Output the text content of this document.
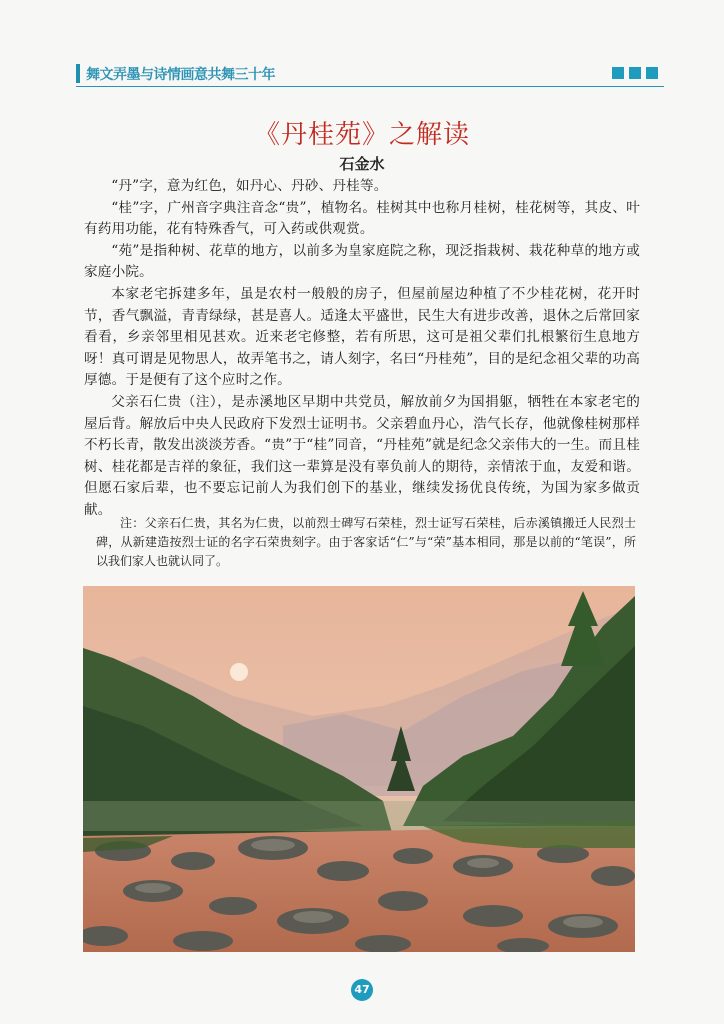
舞文弄墨与诗情画意共舞三十年
《丹桂苑》之解读
石金水

“丹”字，意为红色，如丹心、丹砂、丹桂等。

“桂”字，广州音字典注音念“贵”，植物名。桂树其中也称月桂树，桂花树等，其皮、叶有药用功能，花有特殊香气，可入药或供观赏。

“苑”是指种树、花草的地方，以前多为皇家庭院之称，现泛指栽树、栽花种草的地方或家庭小院。

本家老宅拆建多年，虽是农村一般般的房子，但屋前屋边种植了不少桂花树，花开时节，香气飘溢，青青绿绿，甚是喜人。适逢太平盛世，民生大有进步改善，退休之后常回家看看，乡亲邻里相见甚欢。近来老宅修整，若有所思，这可是祖父辈们扎根繁衍生息地方呀！真可谓是见物思人，故弄笔书之，请人刻字，名曰“丹桂苑”，目的是纪念祖父辈的功高厚德。于是便有了这个应时之作。

父亲石仁贵（注），是赤溪地区早期中共党员，解放前夕为国捐躯，牺牲在本家老宅的屋后背。解放后中央人民政府下发烈士证明书。父亲碧血丹心，浩气长存，他就像桂树那样不朽长青，散发出淡淡芳香。“贵”于“桂”同音，“丹桂苑”就是纪念父亲伟大的一生。而且桂树、桂花都是吉祥的象征，我们这一辈算是没有辜负前人的期待，亲情浓于血，友爱和谐。但愿石家后辈，也不要忘记前人为我们创下的基业，继续发扬优良传统，为国为家多做贡献。

注：父亲石仁贵，其名为仁贵，以前烈士碑写石荣桂，烈士证写石荣桂，后赤溪镇搬迁人民烈士碑，从新建造按烈士证的名字石荣贵刻字。由于客家话“仁”与“荣”基本相同，那是以前的“笔误”，所以我们家人也就认同了。

47
